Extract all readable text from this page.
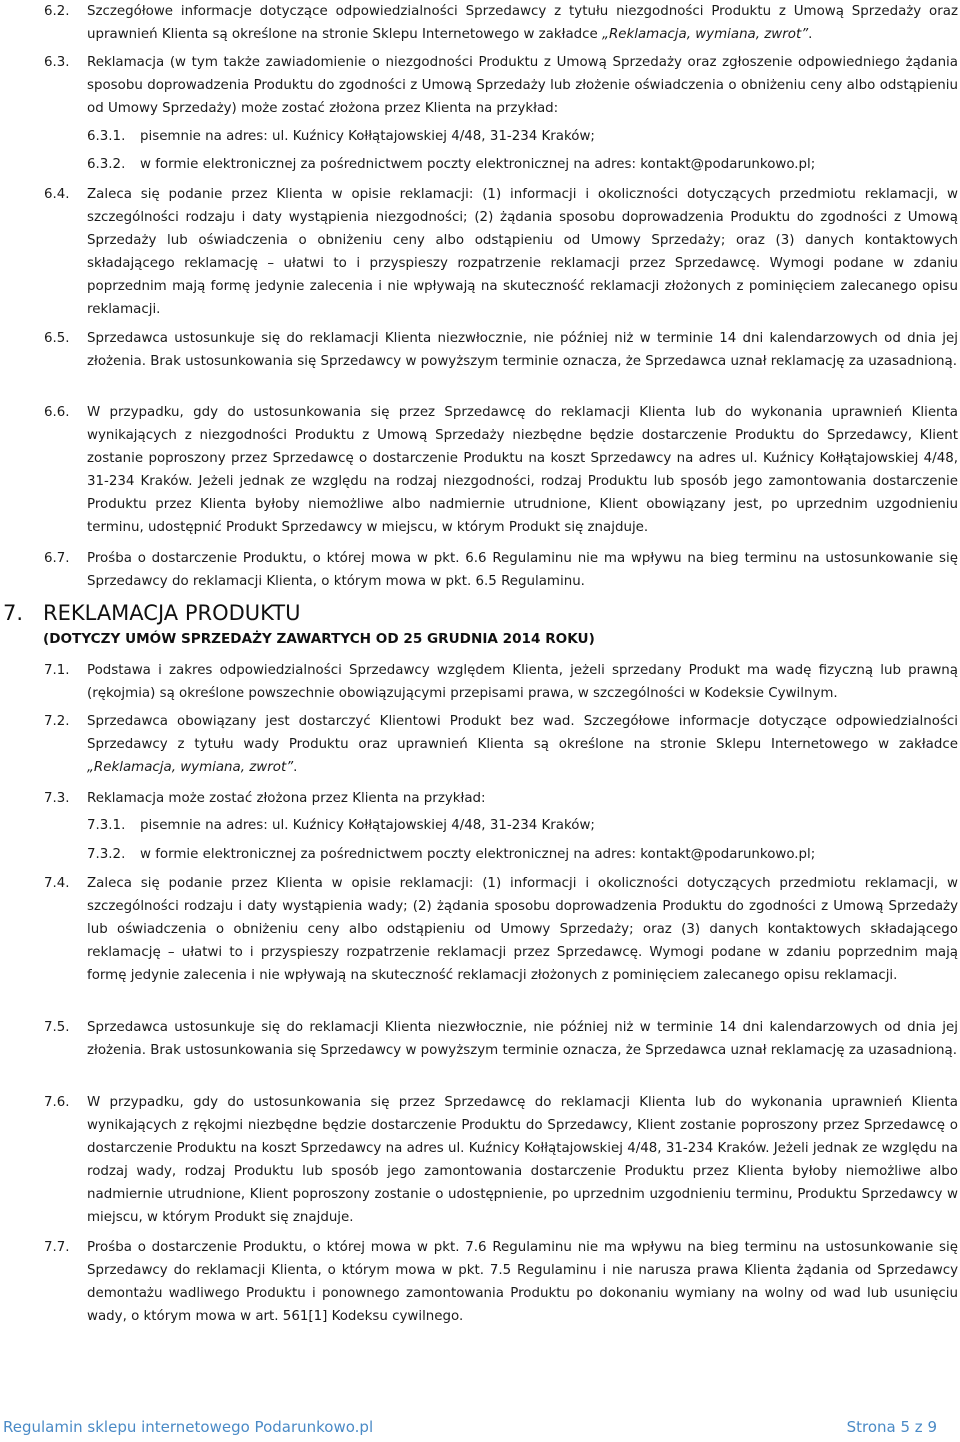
6.2.	Szczegółowe informacje dotyczące odpowiedzialności Sprzedawcy z tytułu niezgodności Produktu z Umową Sprzedaży oraz uprawnień Klienta są określone na stronie Sklepu Internetowego w zakładce „Reklamacja, wymiana, zwrot”.
6.3.	Reklamacja (w tym także zawiadomienie o niezgodności Produktu z Umową Sprzedaży oraz zgłoszenie odpowiedniego żądania sposobu doprowadzenia Produktu do zgodności z Umową Sprzedaży lub złożenie oświadczenia o obniżeniu ceny albo odstąpieniu od Umowy Sprzedaży) może zostać złożona przez Klienta na przykład:
6.3.1.	pisemnie na adres: ul. Kuźnicy Kołłątajowskiej 4/48, 31-234 Kraków;
6.3.2.	w formie elektronicznej za pośrednictwem poczty elektronicznej na adres: kontakt@podarunkowo.pl;
6.4.	Zaleca się podanie przez Klienta w opisie reklamacji: (1) informacji i okoliczności dotyczących przedmiotu reklamacji, w szczególności rodzaju i daty wystąpienia niezgodności; (2) żądania sposobu doprowadzenia Produktu do zgodności z Umową Sprzedaży lub oświadczenia o obniżeniu ceny albo odstąpieniu od Umowy Sprzedaży; oraz (3) danych kontaktowych składającego reklamację – ułatwi to i przyspieszy rozpatrzenie reklamacji przez Sprzedawcę. Wymogi podane w zdaniu poprzednim mają formę jedynie zalecenia i nie wpływają na skuteczność reklamacji złożonych z pominięciem zalecanego opisu reklamacji.
6.5.	Sprzedawca ustosunkuje się do reklamacji Klienta niezwłocznie, nie później niż w terminie 14 dni kalendarzowych od dnia jej złożenia. Brak ustosunkowania się Sprzedawcy w powyższym terminie oznacza, że Sprzedawca uznał reklamację za uzasadnioną.
6.6.	W przypadku, gdy do ustosunkowania się przez Sprzedawcę do reklamacji Klienta lub do wykonania uprawnień Klienta wynikających z niezgodności Produktu z Umową Sprzedaży niezbędne będzie dostarczenie Produktu do Sprzedawcy, Klient zostanie poproszony przez Sprzedawcę o dostarczenie Produktu na koszt Sprzedawcy na adres ul. Kuźnicy Kołłątajowskiej 4/48, 31-234 Kraków. Jeżeli jednak ze względu na rodzaj niezgodności, rodzaj Produktu lub sposób jego zamontowania dostarczenie Produktu przez Klienta byłoby niemożliwe albo nadmiernie utrudnione, Klient obowiązany jest, po uprzednim uzgodnieniu terminu, udostępnić Produkt Sprzedawcy w miejscu, w którym Produkt się znajduje.
6.7.	Prośba o dostarczenie Produktu, o której mowa w pkt. 6.6 Regulaminu nie ma wpływu na bieg terminu na ustosunkowanie się Sprzedawcy do reklamacji Klienta, o którym mowa w pkt. 6.5 Regulaminu.
7. REKLAMACJA PRODUKTU
(DOTYCZY UMÓW SPRZEDAŻY ZAWARTYCH OD 25 GRUDNIA 2014 ROKU)
7.1.	Podstawa i zakres odpowiedzialności Sprzedawcy względem Klienta, jeżeli sprzedany Produkt ma wadę fizyczną lub prawną (rękojmia) są określone powszechnie obowiązującymi przepisami prawa, w szczególności w Kodeksie Cywilnym.
7.2.	Sprzedawca obowiązany jest dostarczyć Klientowi Produkt bez wad. Szczegółowe informacje dotyczące odpowiedzialności Sprzedawcy z tytułu wady Produktu oraz uprawnień Klienta są określone na stronie Sklepu Internetowego w zakładce „Reklamacja, wymiana, zwrot”.
7.3.	Reklamacja może zostać złożona przez Klienta na przykład:
7.3.1.	pisemnie na adres: ul. Kuźnicy Kołłątajowskiej 4/48, 31-234 Kraków;
7.3.2.	w formie elektronicznej za pośrednictwem poczty elektronicznej na adres: kontakt@podarunkowo.pl;
7.4.	Zaleca się podanie przez Klienta w opisie reklamacji: (1) informacji i okoliczności dotyczących przedmiotu reklamacji, w szczególności rodzaju i daty wystąpienia wady; (2) żądania sposobu doprowadzenia Produktu do zgodności z Umową Sprzedaży lub oświadczenia o obniżeniu ceny albo odstąpieniu od Umowy Sprzedaży; oraz (3) danych kontaktowych składającego reklamację – ułatwi to i przyspieszy rozpatrzenie reklamacji przez Sprzedawcę. Wymogi podane w zdaniu poprzednim mają formę jedynie zalecenia i nie wpływają na skuteczność reklamacji złożonych z pominięciem zalecanego opisu reklamacji.
7.5.	Sprzedawca ustosunkuje się do reklamacji Klienta niezwłocznie, nie później niż w terminie 14 dni kalendarzowych od dnia jej złożenia. Brak ustosunkowania się Sprzedawcy w powyższym terminie oznacza, że Sprzedawca uznał reklamację za uzasadnioną.
7.6.	W przypadku, gdy do ustosunkowania się przez Sprzedawcę do reklamacji Klienta lub do wykonania uprawnień Klienta wynikających z rękojmi niezbędne będzie dostarczenie Produktu do Sprzedawcy, Klient zostanie poproszony przez Sprzedawcę o dostarczenie Produktu na koszt Sprzedawcy na adres ul. Kuźnicy Kołłątajowskiej 4/48, 31-234 Kraków. Jeżeli jednak ze względu na rodzaj wady, rodzaj Produktu lub sposób jego zamontowania dostarczenie Produktu przez Klienta byłoby niemożliwe albo nadmiernie utrudnione, Klient poproszony zostanie o udostępnienie, po uprzednim uzgodnieniu terminu, Produktu Sprzedawcy w miejscu, w którym Produkt się znajduje.
7.7.	Prośba o dostarczenie Produktu, o której mowa w pkt. 7.6 Regulaminu nie ma wpływu na bieg terminu na ustosunkowanie się Sprzedawcy do reklamacji Klienta, o którym mowa w pkt. 7.5 Regulaminu i nie narusza prawa Klienta żądania od Sprzedawcy demontażu wadliwego Produktu i ponownego zamontowania Produktu po dokonaniu wymiany na wolny od wad lub usunięciu wady, o którym mowa w art. 561[1] Kodeksu cywilnego.
Regulamin sklepu internetowego Podarunkowo.pl	Strona 5 z 9
